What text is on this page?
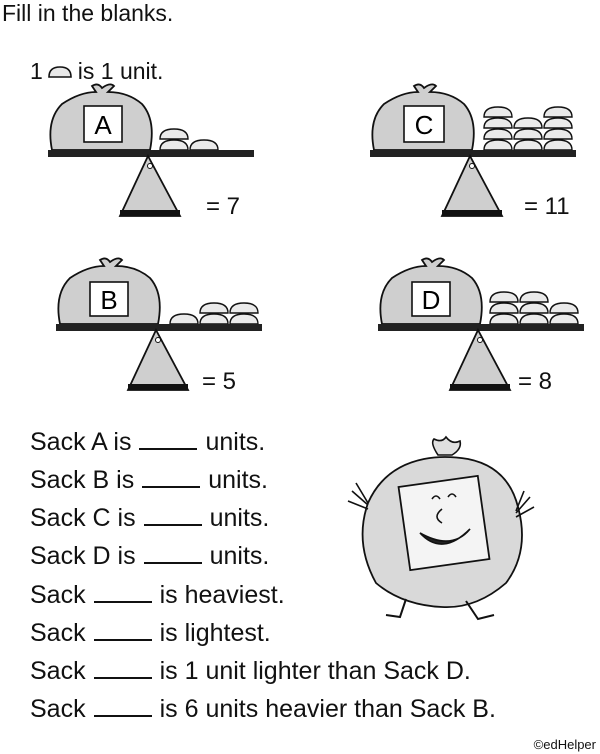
Fill in the blanks.
1 is 1 unit.
A
= 7
C
= 11
B
= 5
D
= 8
Sack A is	units.
Sack B is	units.
Sack C is	units.
Sack D is	units.
Sack	is heaviest.
Sack	is lightest.
Sack	is 1 unit lighter than Sack D.
Sack	is 6 units heavier than Sack B.
©edHelper
